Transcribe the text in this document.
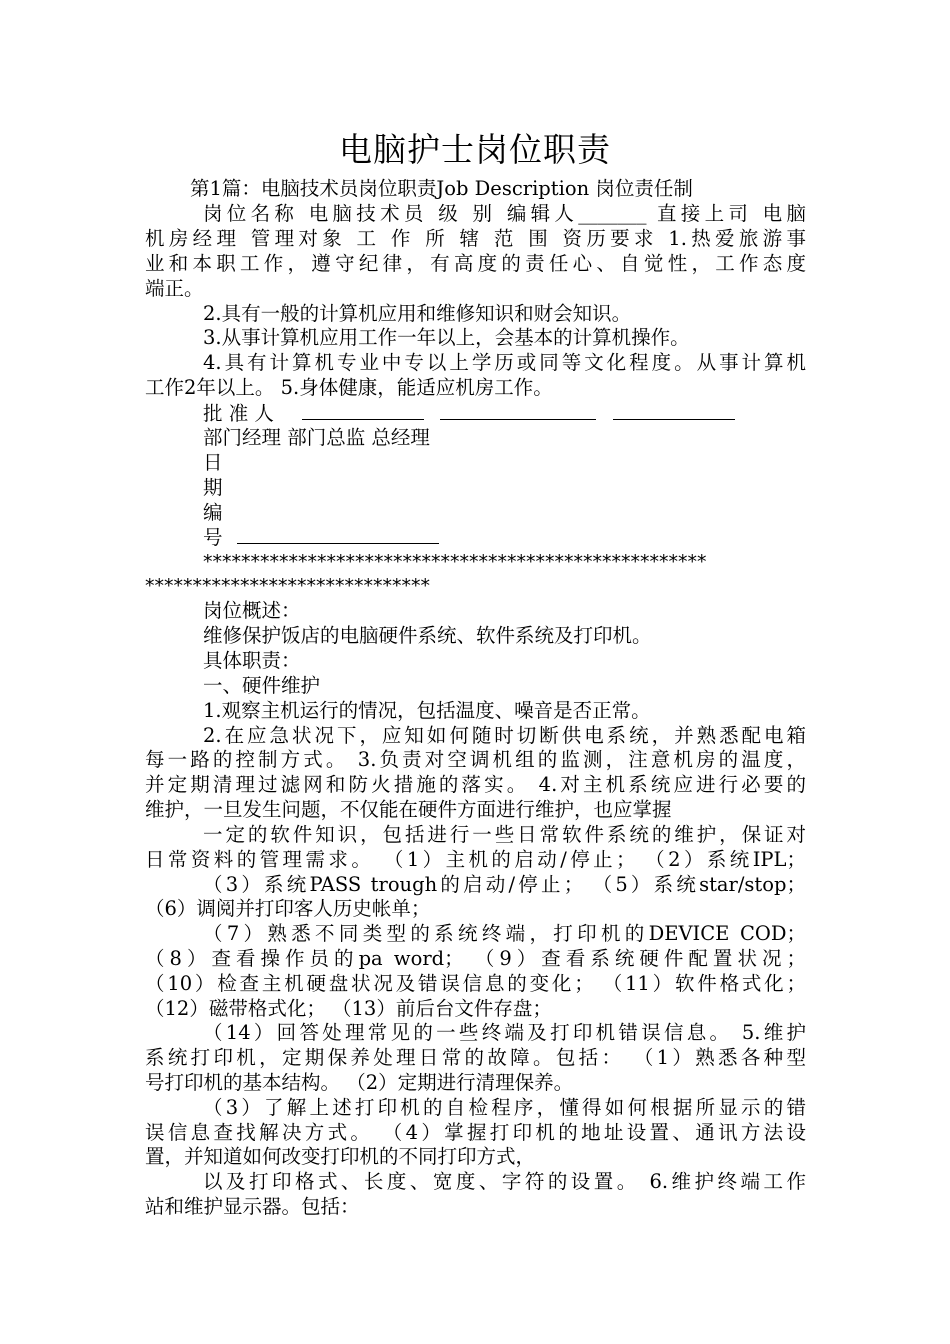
电脑护士岗位职责
第1篇：电脑技术员岗位职责Job Description 岗位责任制
岗位名称 电脑技术员 级 别 编辑人_______ 直接上司 电脑
机房经理 管理对象 工 作 所 辖 范 围 资历要求 1.热爱旅游事
业和本职工作，遵守纪律，有高度的责任心、自觉性，工作态度
端正。
2.具有一般的计算机应用和维修知识和财会知识。
3.从事计算机应用工作一年以上，会基本的计算机操作。
4.具有计算机专业中专以上学历或同等文化程度。从事计算机
工作2年以上。 5.身体健康，能适应机房工作。
批 准 人
部门经理 部门总监 总经理
日
期
编
号
*****************************************************
******************************
岗位概述：
维修保护饭店的电脑硬件系统、软件系统及打印机。
具体职责：
一、硬件维护
1.观察主机运行的情况，包括温度、噪音是否正常。
2.在应急状况下，应知如何随时切断供电系统，并熟悉配电箱
每一路的控制方式。 3.负责对空调机组的监测，注意机房的温度，
并定期清理过滤网和防火措施的落实。 4.对主机系统应进行必要的
维护，一旦发生问题，不仅能在硬件方面进行维护，也应掌握
一定的软件知识，包括进行一些日常软件系统的维护，保证对
日常资料的管理需求。 （1）主机的启动/停止； （2）系统IPL；
（3）系统PASS trough的启动/停止； （5）系统star/stop；
（6）调阅并打印客人历史帐单；
（7）熟悉不同类型的系统终端，打印机的DEVICE COD；
（8）查看操作员的pa word； （9）查看系统硬件配置状况；
（10）检查主机硬盘状况及错误信息的变化； （11）软件格式化；
（12）磁带格式化； （13）前后台文件存盘；
（14）回答处理常见的一些终端及打印机错误信息。 5.维护
系统打印机，定期保养处理日常的故障。包括： （1）熟悉各种型
号打印机的基本结构。 （2）定期进行清理保养。
（3）了解上述打印机的自检程序，懂得如何根据所显示的错
误信息查找解决方式。 （4）掌握打印机的地址设置、通讯方法设
置，并知道如何改变打印机的不同打印方式，
以及打印格式、长度、宽度、字符的设置。 6.维护终端工作
站和维护显示器。包括：
